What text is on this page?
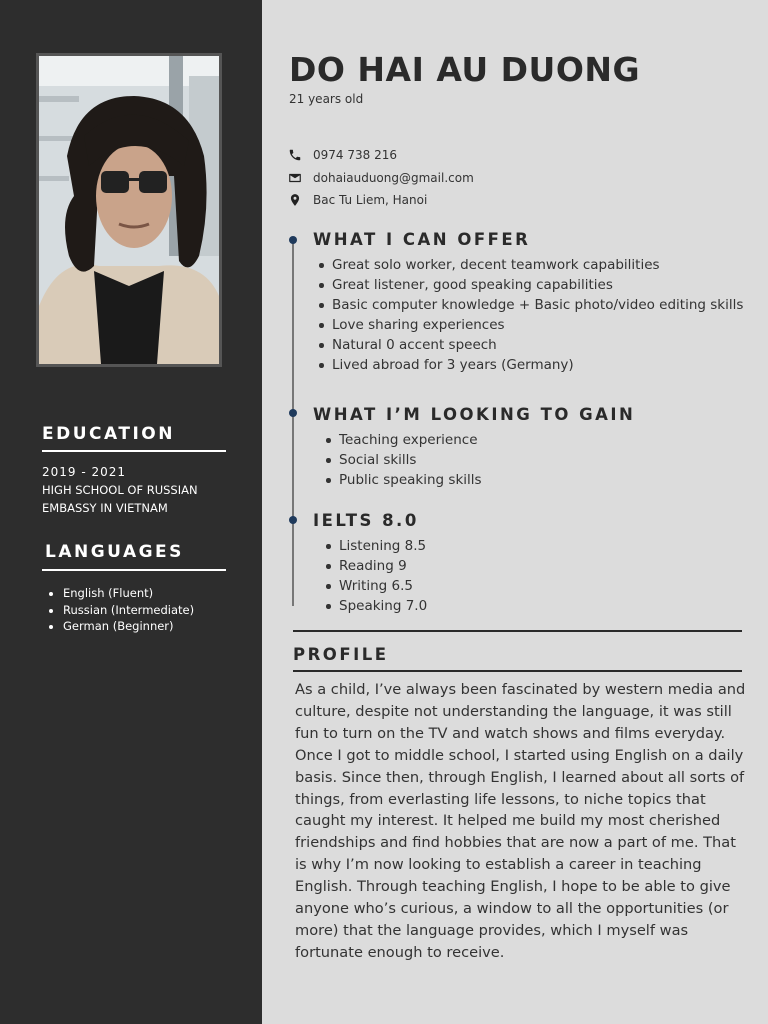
EDUCATION
2019 - 2021
HIGH SCHOOL OF RUSSIAN
EMBASSY IN VIETNAM
LANGUAGES
English (Fluent)
Russian (Intermediate)
German (Beginner)
DO HAI AU DUONG
21 years old
0974 738 216
dohaiauduong@gmail.com
Bac Tu Liem, Hanoi
WHAT I CAN OFFER
Great solo worker, decent teamwork capabilities
Great listener, good speaking capabilities
Basic computer knowledge + Basic photo/video editing skills
Love sharing experiences
Natural 0 accent speech
Lived abroad for 3 years (Germany)
WHAT I’M LOOKING TO GAIN
Teaching experience
Social skills
Public speaking skills
IELTS 8.0
Listening 8.5
Reading 9
Writing 6.5
Speaking 7.0
PROFILE

As a child, I’ve always been fascinated by western media and culture, despite not understanding the language, it was still fun to turn on the TV and watch shows and films everyday. Once I got to middle school, I started using English on a daily basis. Since then, through English, I learned about all sorts of things, from everlasting life lessons, to niche topics that caught my interest. It helped me build my most cherished friendships and find hobbies that are now a part of me. That is why I’m now looking to establish a career in teaching English. Through teaching English, I hope to be able to give anyone who’s curious, a window to all the opportunities (or more) that the language provides, which I myself was fortunate enough to receive.
